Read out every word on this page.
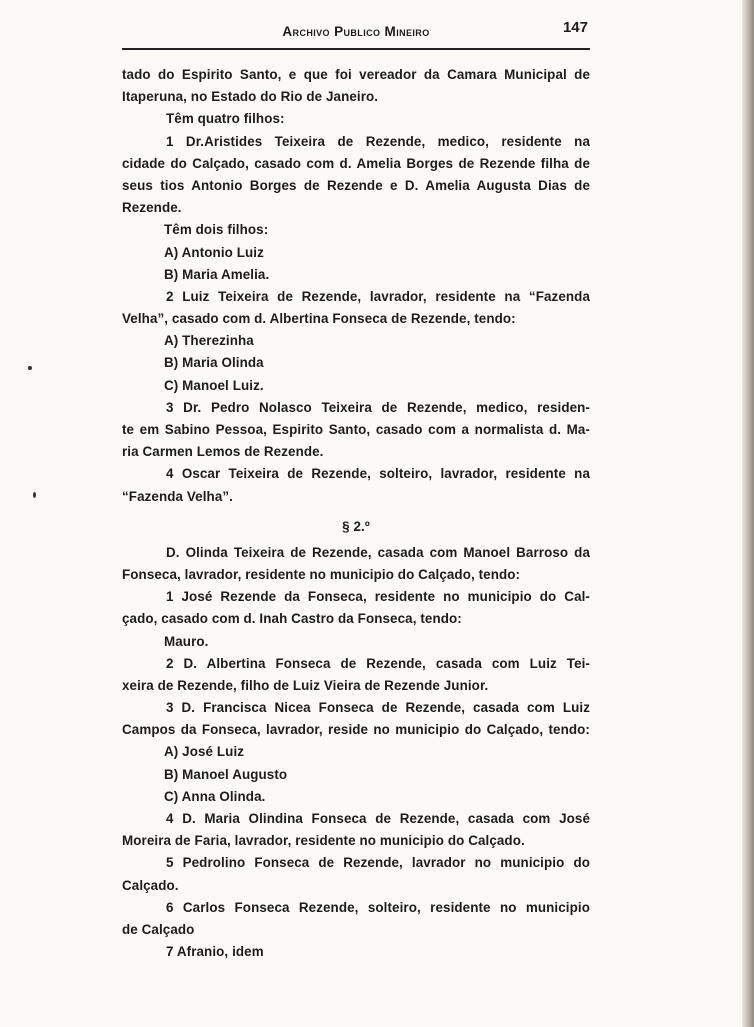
Archivo Publico Mineiro	147
tado do Espirito Santo, e que foi vereador da Camara Municipal de
Itaperuna, no Estado do Rio de Janeiro.
Têm quatro filhos:
1 Dr.Aristides Teixeira de Rezende, medico, residente na
cidade do Calçado, casado com d. Amelia Borges de Rezende filha de
seus tios Antonio Borges de Rezende e D. Amelia Augusta Dias de
Rezende.
Têm dois filhos:
A) Antonio Luiz
B) Maria Amelia.
2 Luiz Teixeira de Rezende, lavrador, residente na “Fazenda
Velha”, casado com d. Albertina Fonseca de Rezende, tendo:
A) Therezinha
B) Maria Olinda
C) Manoel Luiz.
3 Dr. Pedro Nolasco Teixeira de Rezende, medico, residen-
te em Sabino Pessoa, Espirito Santo, casado com a normalista d. Ma-
ria Carmen Lemos de Rezende.
4 Oscar Teixeira de Rezende, solteiro, lavrador, residente na
“Fazenda Velha”.
§ 2.º
D. Olinda Teixeira de Rezende, casada com Manoel Barroso da
Fonseca, lavrador, residente no municipio do Calçado, tendo:
1 José Rezende da Fonseca, residente no municipio do Cal-
çado, casado com d. Inah Castro da Fonseca, tendo:
Mauro.
2 D. Albertina Fonseca de Rezende, casada com Luiz Tei-
xeira de Rezende, filho de Luiz Vieira de Rezende Junior.
3 D. Francisca Nicea Fonseca de Rezende, casada com Luiz
Campos da Fonseca, lavrador, reside no municipio do Calçado, tendo:
A) José Luiz
B) Manoel Augusto
C) Anna Olinda.
4 D. Maria Olindina Fonseca de Rezende, casada com José
Moreira de Faria, lavrador, residente no municipio do Calçado.
5 Pedrolino Fonseca de Rezende, lavrador no municipio do
Calçado.
6 Carlos Fonseca Rezende, solteiro, residente no municipio
de Calçado
7 Afranio, idem
